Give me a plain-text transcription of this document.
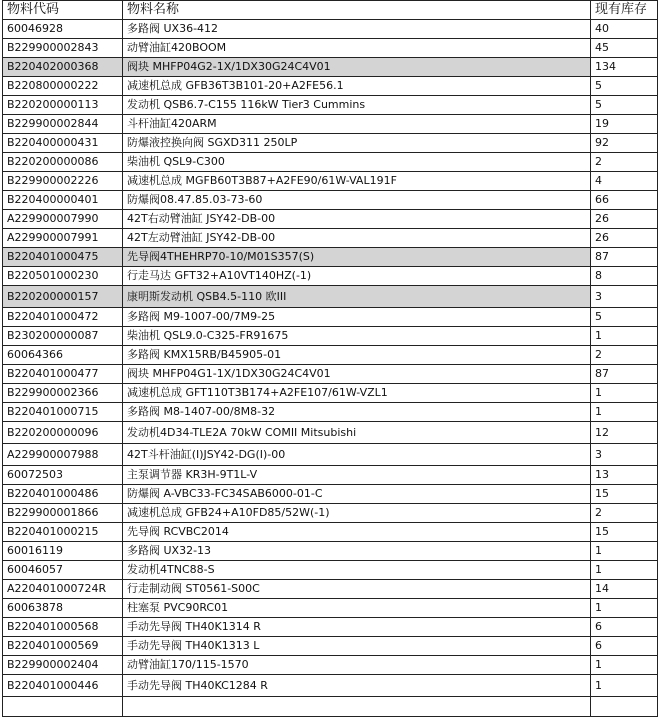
物料代码	物料名称	现有库存
60046928	多路阀 UX36-412	40
B229900002843	动臂油缸420BOOM	45
B220402000368	阀块 MHFP04G2-1X/1DX30G24C4V01	134
B220800000222	减速机总成 GFB36T3B101-20+A2FE56.1	5
B220200000113	发动机 QSB6.7-C155 116kW Tier3 Cummins	5
B229900002844	斗杆油缸420ARM	19
B220400000431	防爆液控换向阀 SGXD311 250LP	92
B220200000086	柴油机 QSL9-C300	2
B229900002226	减速机总成 MGFB60T3B87+A2FE90/61W-VAL191F	4
B220400000401	防爆阀08.47.85.03-73-60	66
A229900007990	42T右动臂油缸 JSY42-DB-00	26
A229900007991	42T左动臂油缸 JSY42-DB-00	26
B220401000475	先导阀4THEHRP70-10/M01S357(S)	87
B220501000230	行走马达 GFT32+A10VT140HZ(-1)	8
B220200000157	康明斯发动机 QSB4.5-110 欧III	3
B220401000472	多路阀 M9-1007-00/7M9-25	5
B230200000087	柴油机 QSL9.0-C325-FR91675	1
60064366	多路阀 KMX15RB/B45905-01	2
B220401000477	阀块 MHFP04G1-1X/1DX30G24C4V01	87
B229900002366	减速机总成 GFT110T3B174+A2FE107/61W-VZL1	1
B220401000715	多路阀 M8-1407-00/8M8-32	1
B220200000096	发动机4D34-TLE2A 70kW COMII Mitsubishi	12
A229900007988	42T斗杆油缸(I)JSY42-DG(I)-00	3
60072503	主泵调节器 KR3H-9T1L-V	13
B220401000486	防爆阀 A-VBC33-FC34SAB6000-01-C	15
B229900001866	减速机总成 GFB24+A10FD85/52W(-1)	2
B220401000215	先导阀 RCVBC2014	15
60016119	多路阀 UX32-13	1
60046057	发动机4TNC88-S	1
A220401000724R	行走制动阀 ST0561-S00C	14
60063878	柱塞泵 PVC90RC01	1
B220401000568	手动先导阀 TH40K1314 R	6
B220401000569	手动先导阀 TH40K1313 L	6
B229900002404	动臂油缸170/115-1570	1
B220401000446	手动先导阀 TH40KC1284 R	1
